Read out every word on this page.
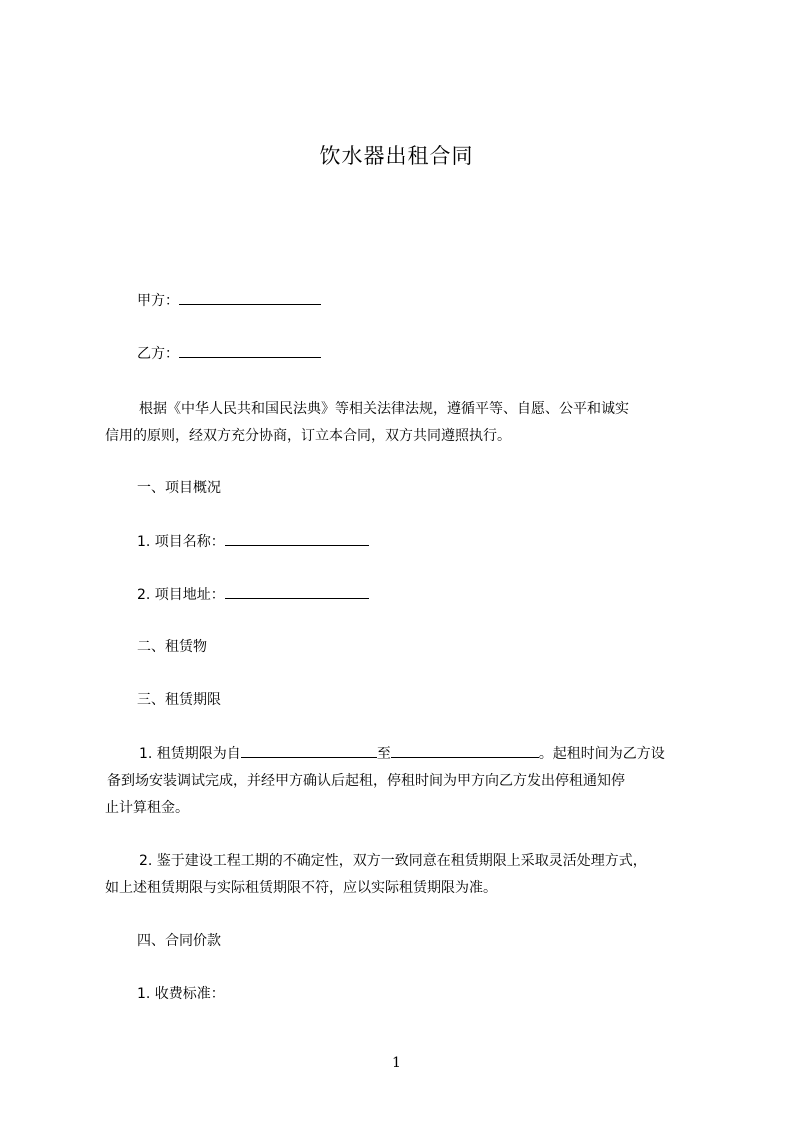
饮水器出租合同
甲方：
乙方：

根据《中华人民共和国民法典》等相关法律法规，遵循平等、自愿、公平和诚实

信用的原则，经双方充分协商，订立本合同，双方共同遵照执行。

一、项目概况
1. 项目名称：
2. 项目地址：
二、租赁物
三、租赁期限

1. 租赁期限为自	至	。起租时间为乙方设

备到场安装调试完成，并经甲方确认后起租，停租时间为甲方向乙方发出停租通知停

止计算租金。

2. 鉴于建设工程工期的不确定性，双方一致同意在租赁期限上采取灵活处理方式，

如上述租赁期限与实际租赁期限不符，应以实际租赁期限为准。

四、合同价款
1. 收费标准：
1
